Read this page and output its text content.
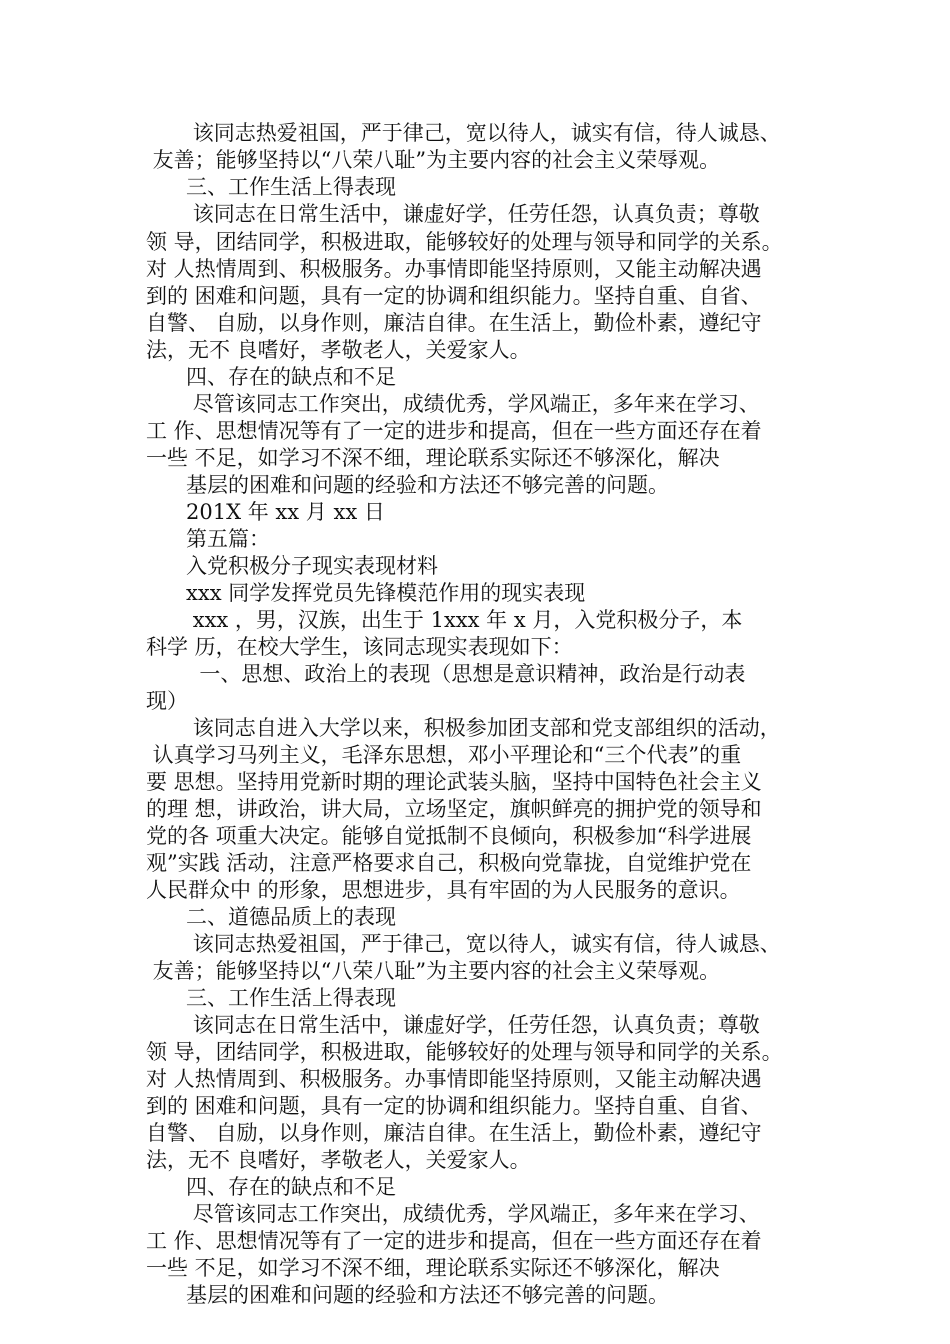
该同志热爱祖国，严于律己，宽以待人，诚实有信，待人诚恳、
友善；能够坚持以“八荣八耻”为主要内容的社会主义荣辱观。
三、工作生活上得表现
该同志在日常生活中，谦虚好学，任劳任怨，认真负责；尊敬
领 导，团结同学，积极进取，能够较好的处理与领导和同学的关系。
对 人热情周到、积极服务。办事情即能坚持原则，又能主动解决遇
到的 困难和问题，具有一定的协调和组织能力。坚持自重、自省、
自警、 自励，以身作则，廉洁自律。在生活上，勤俭朴素，遵纪守
法，无不 良嗜好，孝敬老人，关爱家人。
四、存在的缺点和不足
尽管该同志工作突出，成绩优秀，学风端正，多年来在学习、
工 作、思想情况等有了一定的进步和提高，但在一些方面还存在着
一些 不足，如学习不深不细，理论联系实际还不够深化，解决
基层的困难和问题的经验和方法还不够完善的问题。
201X 年 xx 月 xx 日
第五篇：
入党积极分子现实表现材料
xxx 同学发挥党员先锋模范作用的现实表现
xxx ，男，汉族，出生于 1xxx 年 x 月，入党积极分子，本
科学 历，在校大学生，该同志现实表现如下：
一、思想、政治上的表现（思想是意识精神，政治是行动表
现）
该同志自进入大学以来，积极参加团支部和党支部组织的活动，
认真学习马列主义，毛泽东思想，邓小平理论和“三个代表”的重
要 思想。坚持用党新时期的理论武装头脑，坚持中国特色社会主义
的理 想，讲政治，讲大局，立场坚定，旗帜鲜亮的拥护党的领导和
党的各 项重大决定。能够自觉抵制不良倾向，积极参加“科学进展
观”实践 活动，注意严格要求自己，积极向党靠拢，自觉维护党在
人民群众中 的形象，思想进步，具有牢固的为人民服务的意识。
二、道德品质上的表现
该同志热爱祖国，严于律己，宽以待人，诚实有信，待人诚恳、
友善；能够坚持以“八荣八耻”为主要内容的社会主义荣辱观。
三、工作生活上得表现
该同志在日常生活中，谦虚好学，任劳任怨，认真负责；尊敬
领 导，团结同学，积极进取，能够较好的处理与领导和同学的关系。
对 人热情周到、积极服务。办事情即能坚持原则，又能主动解决遇
到的 困难和问题，具有一定的协调和组织能力。坚持自重、自省、
自警、 自励，以身作则，廉洁自律。在生活上，勤俭朴素，遵纪守
法，无不 良嗜好，孝敬老人，关爱家人。
四、存在的缺点和不足
尽管该同志工作突出，成绩优秀，学风端正，多年来在学习、
工 作、思想情况等有了一定的进步和提高，但在一些方面还存在着
一些 不足，如学习不深不细，理论联系实际还不够深化，解决
基层的困难和问题的经验和方法还不够完善的问题。
